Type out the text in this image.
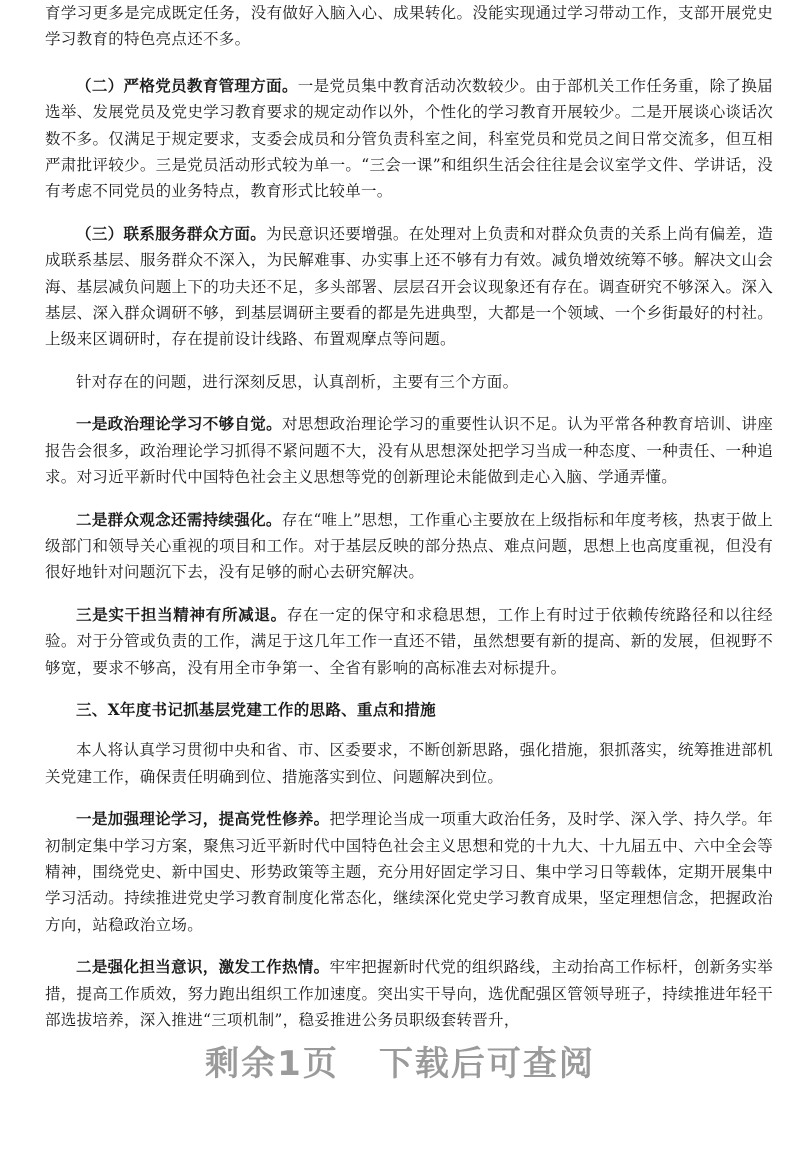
育学习更多是完成既定任务，没有做好入脑入心、成果转化。没能实现通过学习带动工作，支部开展党史学习教育的特色亮点还不多。

（二）严格党员教育管理方面。一是党员集中教育活动次数较少。由于部机关工作任务重，除了换届选举、发展党员及党史学习教育要求的规定动作以外，个性化的学习教育开展较少。二是开展谈心谈话次数不多。仅满足于规定要求，支委会成员和分管负责科室之间，科室党员和党员之间日常交流多，但互相严肃批评较少。三是党员活动形式较为单一。“三会一课”和组织生活会往往是会议室学文件、学讲话，没有考虑不同党员的业务特点，教育形式比较单一。

（三）联系服务群众方面。为民意识还要增强。在处理对上负责和对群众负责的关系上尚有偏差，造成联系基层、服务群众不深入，为民解难事、办实事上还不够有力有效。减负增效统筹不够。解决文山会海、基层减负问题上下的功夫还不足，多头部署、层层召开会议现象还有存在。调查研究不够深入。深入基层、深入群众调研不够，到基层调研主要看的都是先进典型，大都是一个领域、一个乡街最好的村社。上级来区调研时，存在提前设计线路、布置观摩点等问题。

针对存在的问题，进行深刻反思，认真剖析，主要有三个方面。

一是政治理论学习不够自觉。对思想政治理论学习的重要性认识不足。认为平常各种教育培训、讲座报告会很多，政治理论学习抓得不紧问题不大，没有从思想深处把学习当成一种态度、一种责任、一种追求。对习近平新时代中国特色社会主义思想等党的创新理论未能做到走心入脑、学通弄懂。

二是群众观念还需持续强化。存在“唯上”思想，工作重心主要放在上级指标和年度考核，热衷于做上级部门和领导关心重视的项目和工作。对于基层反映的部分热点、难点问题，思想上也高度重视，但没有很好地针对问题沉下去，没有足够的耐心去研究解决。

三是实干担当精神有所减退。存在一定的保守和求稳思想，工作上有时过于依赖传统路径和以往经验。对于分管或负责的工作，满足于这几年工作一直还不错，虽然想要有新的提高、新的发展，但视野不够宽，要求不够高，没有用全市争第一、全省有影响的高标准去对标提升。

三、X年度书记抓基层党建工作的思路、重点和措施

本人将认真学习贯彻中央和省、市、区委要求，不断创新思路，强化措施，狠抓落实，统筹推进部机关党建工作，确保责任明确到位、措施落实到位、问题解决到位。

一是加强理论学习，提高党性修养。把学理论当成一项重大政治任务，及时学、深入学、持久学。年初制定集中学习方案，聚焦习近平新时代中国特色社会主义思想和党的十九大、十九届五中、六中全会等精神，围绕党史、新中国史、形势政策等主题，充分用好固定学习日、集中学习日等载体，定期开展集中学习活动。持续推进党史学习教育制度化常态化，继续深化党史学习教育成果，坚定理想信念，把握政治方向，站稳政治立场。

二是强化担当意识，激发工作热情。牢牢把握新时代党的组织路线，主动抬高工作标杆，创新务实举措，提高工作质效，努力跑出组织工作加速度。突出实干导向，选优配强区管领导班子，持续推进年轻干部选拔培养，深入推进“三项机制”，稳妥推进公务员职级套转晋升，

剩余1页 下载后可查阅
